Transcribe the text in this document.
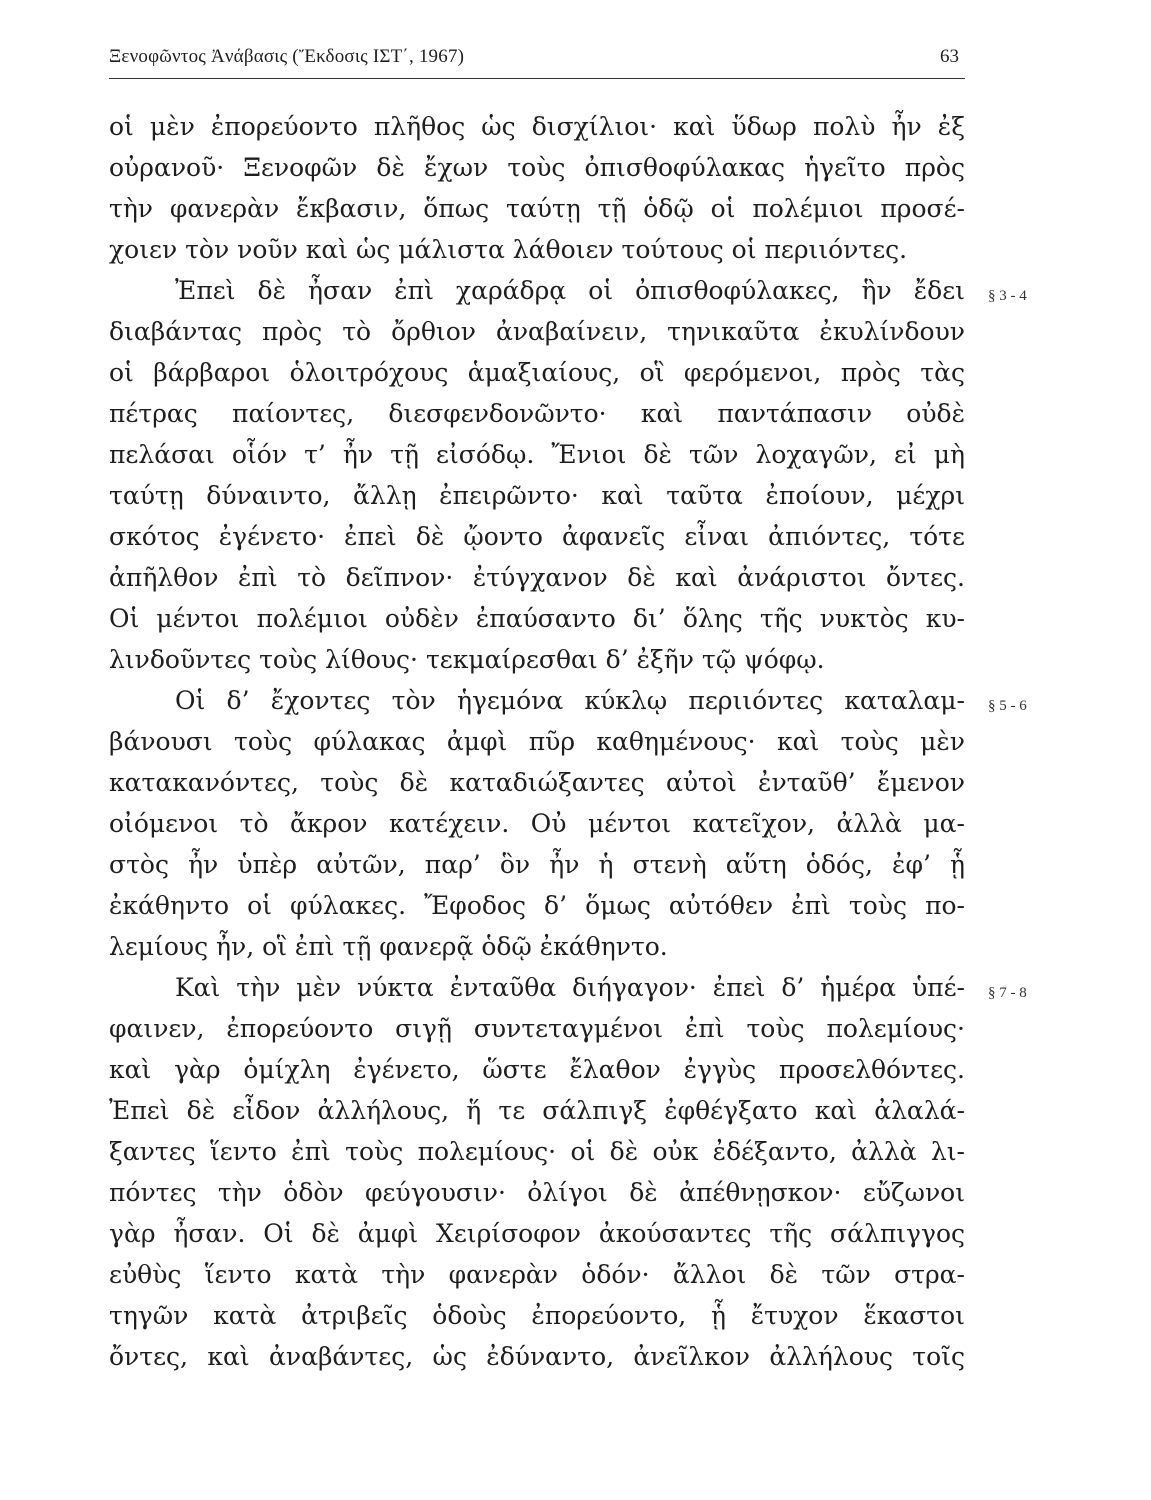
Ξενοφῶντος Ἀνάβασις (Ἔκδοσις ΙΣΤ΄, 1967)	63
οἱ μὲν ἐπορεύοντο πλῆθος ὡς δισχίλιοι· καὶ ὕδωρ πολὺ ἦν ἐξ
οὐρανοῦ· Ξενοφῶν δὲ ἔχων τοὺς ὀπισθοφύλακας ἡγεῖτο πρὸς
τὴν φανερὰν ἔκβασιν, ὅπως ταύτῃ τῇ ὁδῷ οἱ πολέμιοι προσέ-
χοιεν τὸν νοῦν καὶ ὡς μάλιστα λάθοιεν τούτους οἱ περιιόντες.
Ἐπεὶ δὲ ἦσαν ἐπὶ χαράδρᾳ οἱ ὀπισθοφύλακες, ἣν ἔδει
διαβάντας πρὸς τὸ ὄρθιον ἀναβαίνειν, τηνικαῦτα ἐκυλίνδουν
οἱ βάρβαροι ὁλοιτρόχους ἁμαξιαίους, οἳ φερόμενοι, πρὸς τὰς
πέτρας παίοντες, διεσφενδονῶντο· καὶ παντάπασιν οὐδὲ
πελάσαι οἷόν τ’ ἦν τῇ εἰσόδῳ. Ἔνιοι δὲ τῶν λοχαγῶν, εἰ μὴ
ταύτῃ δύναιντο, ἄλλῃ ἐπειρῶντο· καὶ ταῦτα ἐποίουν, μέχρι
σκότος ἐγένετο· ἐπεὶ δὲ ᾤοντο ἀφανεῖς εἶναι ἀπιόντες, τότε
ἀπῆλθον ἐπὶ τὸ δεῖπνον· ἐτύγχανον δὲ καὶ ἀνάριστοι ὄντες.
Οἱ μέντοι πολέμιοι οὐδὲν ἐπαύσαντο δι’ ὅλης τῆς νυκτὸς κυ-
λινδοῦντες τοὺς λίθους· τεκμαίρεσθαι δ’ ἐξῆν τῷ ψόφῳ.
Οἱ δ’ ἔχοντες τὸν ἡγεμόνα κύκλῳ περιιόντες καταλαμ-
βάνουσι τοὺς φύλακας ἀμφὶ πῦρ καθημένους· καὶ τοὺς μὲν
κατακανόντες, τοὺς δὲ καταδιώξαντες αὐτοὶ ἐνταῦθ’ ἔμενον
οἰόμενοι τὸ ἄκρον κατέχειν. Οὐ μέντοι κατεῖχον, ἀλλὰ μα-
στὸς ἦν ὑπὲρ αὐτῶν, παρ’ ὃν ἦν ἡ στενὴ αὕτη ὁδός, ἐφ’ ᾗ
ἐκάθηντο οἱ φύλακες. Ἔφοδος δ’ ὅμως αὐτόθεν ἐπὶ τοὺς πο-
λεμίους ἦν, οἳ ἐπὶ τῇ φανερᾷ ὁδῷ ἐκάθηντο.
Καὶ τὴν μὲν νύκτα ἐνταῦθα διήγαγον· ἐπεὶ δ’ ἡμέρα ὑπέ-
φαινεν, ἐπορεύοντο σιγῇ συντεταγμένοι ἐπὶ τοὺς πολεμίους·
καὶ γὰρ ὁμίχλη ἐγένετο, ὥστε ἔλαθον ἐγγὺς προσελθόντες.
Ἐπεὶ δὲ εἶδον ἀλλήλους, ἥ τε σάλπιγξ ἐφθέγξατο καὶ ἀλαλά-
ξαντες ἵεντο ἐπὶ τοὺς πολεμίους· οἱ δὲ οὐκ ἐδέξαντο, ἀλλὰ λι-
πόντες τὴν ὁδὸν φεύγουσιν· ὀλίγοι δὲ ἀπέθνῃσκον· εὔζωνοι
γὰρ ἦσαν. Οἱ δὲ ἀμφὶ Χειρίσοφον ἀκούσαντες τῆς σάλπιγγος
εὐθὺς ἵεντο κατὰ τὴν φανερὰν ὁδόν· ἄλλοι δὲ τῶν στρα-
τηγῶν κατὰ ἀτριβεῖς ὁδοὺς ἐπορεύοντο, ᾗ ἔτυχον ἕκαστοι
ὄντες, καὶ ἀναβάντες, ὡς ἐδύναντο, ἀνεῖλκον ἀλλήλους τοῖς
§ 3 - 4
§ 5 - 6
§ 7 - 8
